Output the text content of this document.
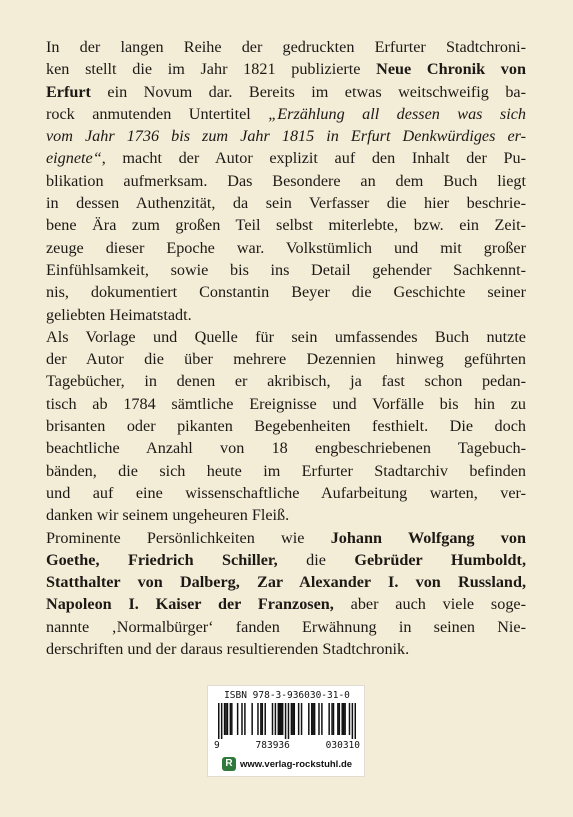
In der langen Reihe der gedruckten Erfurter Stadtchroni-
ken stellt die im Jahr 1821 publizierte Neue Chronik von
Erfurt ein Novum dar. Bereits im etwas weitschweifig ba-
rock anmutenden Untertitel „Erzählung all dessen was sich
vom Jahr 1736 bis zum Jahr 1815 in Erfurt Denkwürdiges er-
eignete“, macht der Autor explizit auf den Inhalt der Pu-
blikation aufmerksam. Das Besondere an dem Buch liegt
in dessen Authenzität, da sein Verfasser die hier beschrie-
bene Ära zum großen Teil selbst miterlebte, bzw. ein Zeit-
zeuge dieser Epoche war. Volkstümlich und mit großer
Einfühlsamkeit, sowie bis ins Detail gehender Sachkennt-
nis, dokumentiert Constantin Beyer die Geschichte seiner
geliebten Heimatstadt.
Als Vorlage und Quelle für sein umfassendes Buch nutzte
der Autor die über mehrere Dezennien hinweg geführten
Tagebücher, in denen er akribisch, ja fast schon pedan-
tisch ab 1784 sämtliche Ereignisse und Vorfälle bis hin zu
brisanten oder pikanten Begebenheiten festhielt. Die doch
beachtliche Anzahl von 18 engbeschriebenen Tagebuch-
bänden, die sich heute im Erfurter Stadtarchiv befinden
und auf eine wissenschaftliche Aufarbeitung warten, ver-
danken wir seinem ungeheuren Fleiß.
Prominente Persönlichkeiten wie Johann Wolfgang von
Goethe, Friedrich Schiller, die Gebrüder Humboldt,
Statthalter von Dalberg, Zar Alexander I. von Russland,
Napoleon I. Kaiser der Franzosen, aber auch viele soge-
nannte ‚Normalbürger‘ fanden Erwähnung in seinen Nie-
derschriften und der daraus resultierenden Stadtchronik.
ISBN 978-3-936030-31-0
9	783936	030310
R www.verlag-rockstuhl.de
